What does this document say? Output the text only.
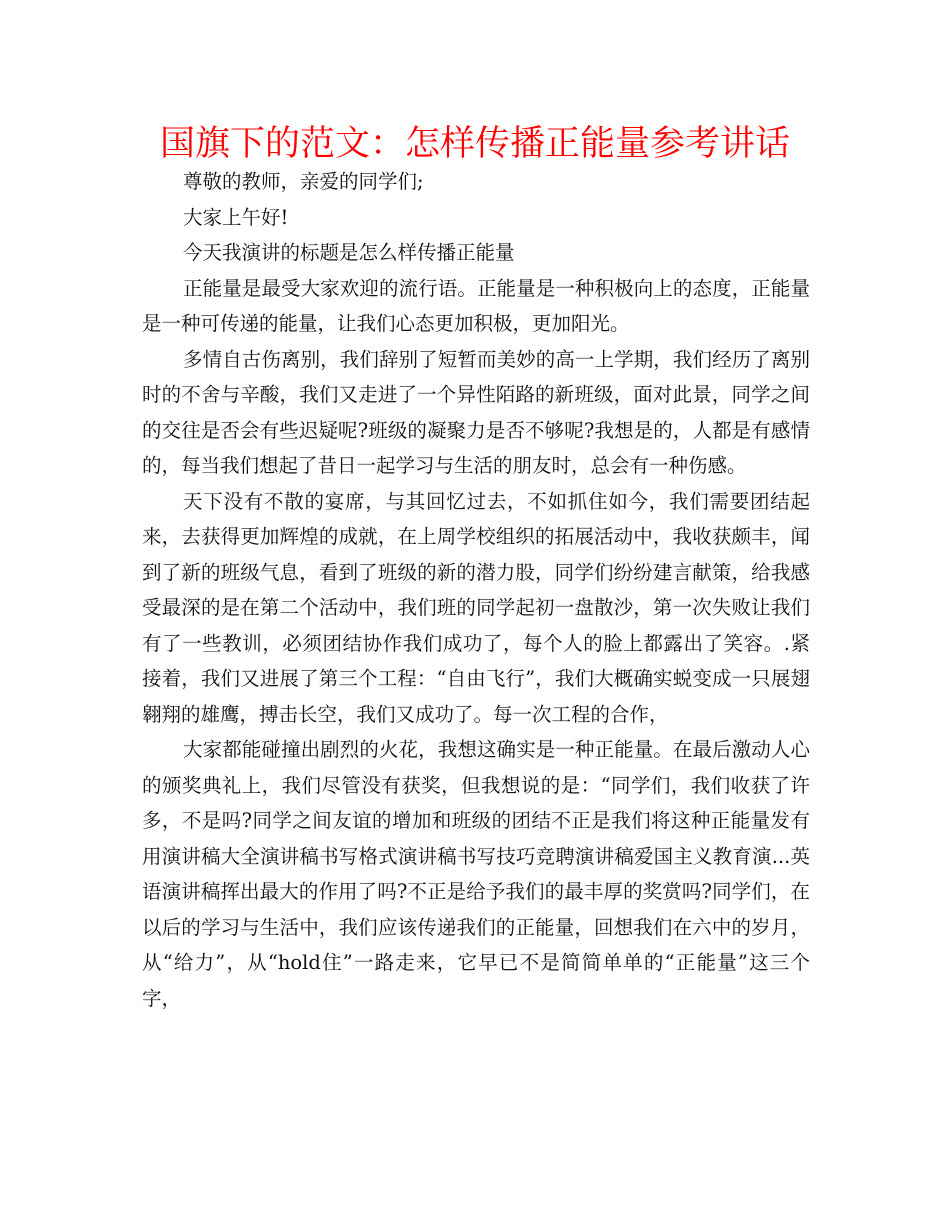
国旗下的范文：怎样传播正能量参考讲话

尊敬的教师，亲爱的同学们;

大家上午好!

今天我演讲的标题是怎么样传播正能量

正能量是最受大家欢迎的流行语。正能量是一种积极向上的态度，正能量是一种可传递的能量，让我们心态更加积极，更加阳光。

多情自古伤离别，我们辞别了短暂而美妙的高一上学期，我们经历了离别时的不舍与辛酸，我们又走进了一个异性陌路的新班级，面对此景，同学之间的交往是否会有些迟疑呢?班级的凝聚力是否不够呢?我想是的，人都是有感情的，每当我们想起了昔日一起学习与生活的朋友时，总会有一种伤感。

天下没有不散的宴席，与其回忆过去，不如抓住如今，我们需要团结起来，去获得更加辉煌的成就，在上周学校组织的拓展活动中，我收获颇丰，闻到了新的班级气息，看到了班级的新的潜力股，同学们纷纷建言献策，给我感受最深的是在第二个活动中，我们班的同学起初一盘散沙，第一次失败让我们有了一些教训，必须团结协作我们成功了，每个人的脸上都露出了笑容。.紧接着，我们又进展了第三个工程：“自由飞行”，我们大概确实蜕变成一只展翅翱翔的雄鹰，搏击长空，我们又成功了。每一次工程的合作，

大家都能碰撞出剧烈的火花，我想这确实是一种正能量。在最后激动人心的颁奖典礼上，我们尽管没有获奖，但我想说的是：“同学们，我们收获了许多，不是吗?同学之间友谊的增加和班级的团结不正是我们将这种正能量发有用演讲稿大全演讲稿书写格式演讲稿书写技巧竞聘演讲稿爱国主义教育演...英语演讲稿挥出最大的作用了吗?不正是给予我们的最丰厚的奖赏吗?同学们，在以后的学习与生活中，我们应该传递我们的正能量，回想我们在六中的岁月，从“给力”，从“hold住”一路走来，它早已不是简简单单的“正能量”这三个字，
